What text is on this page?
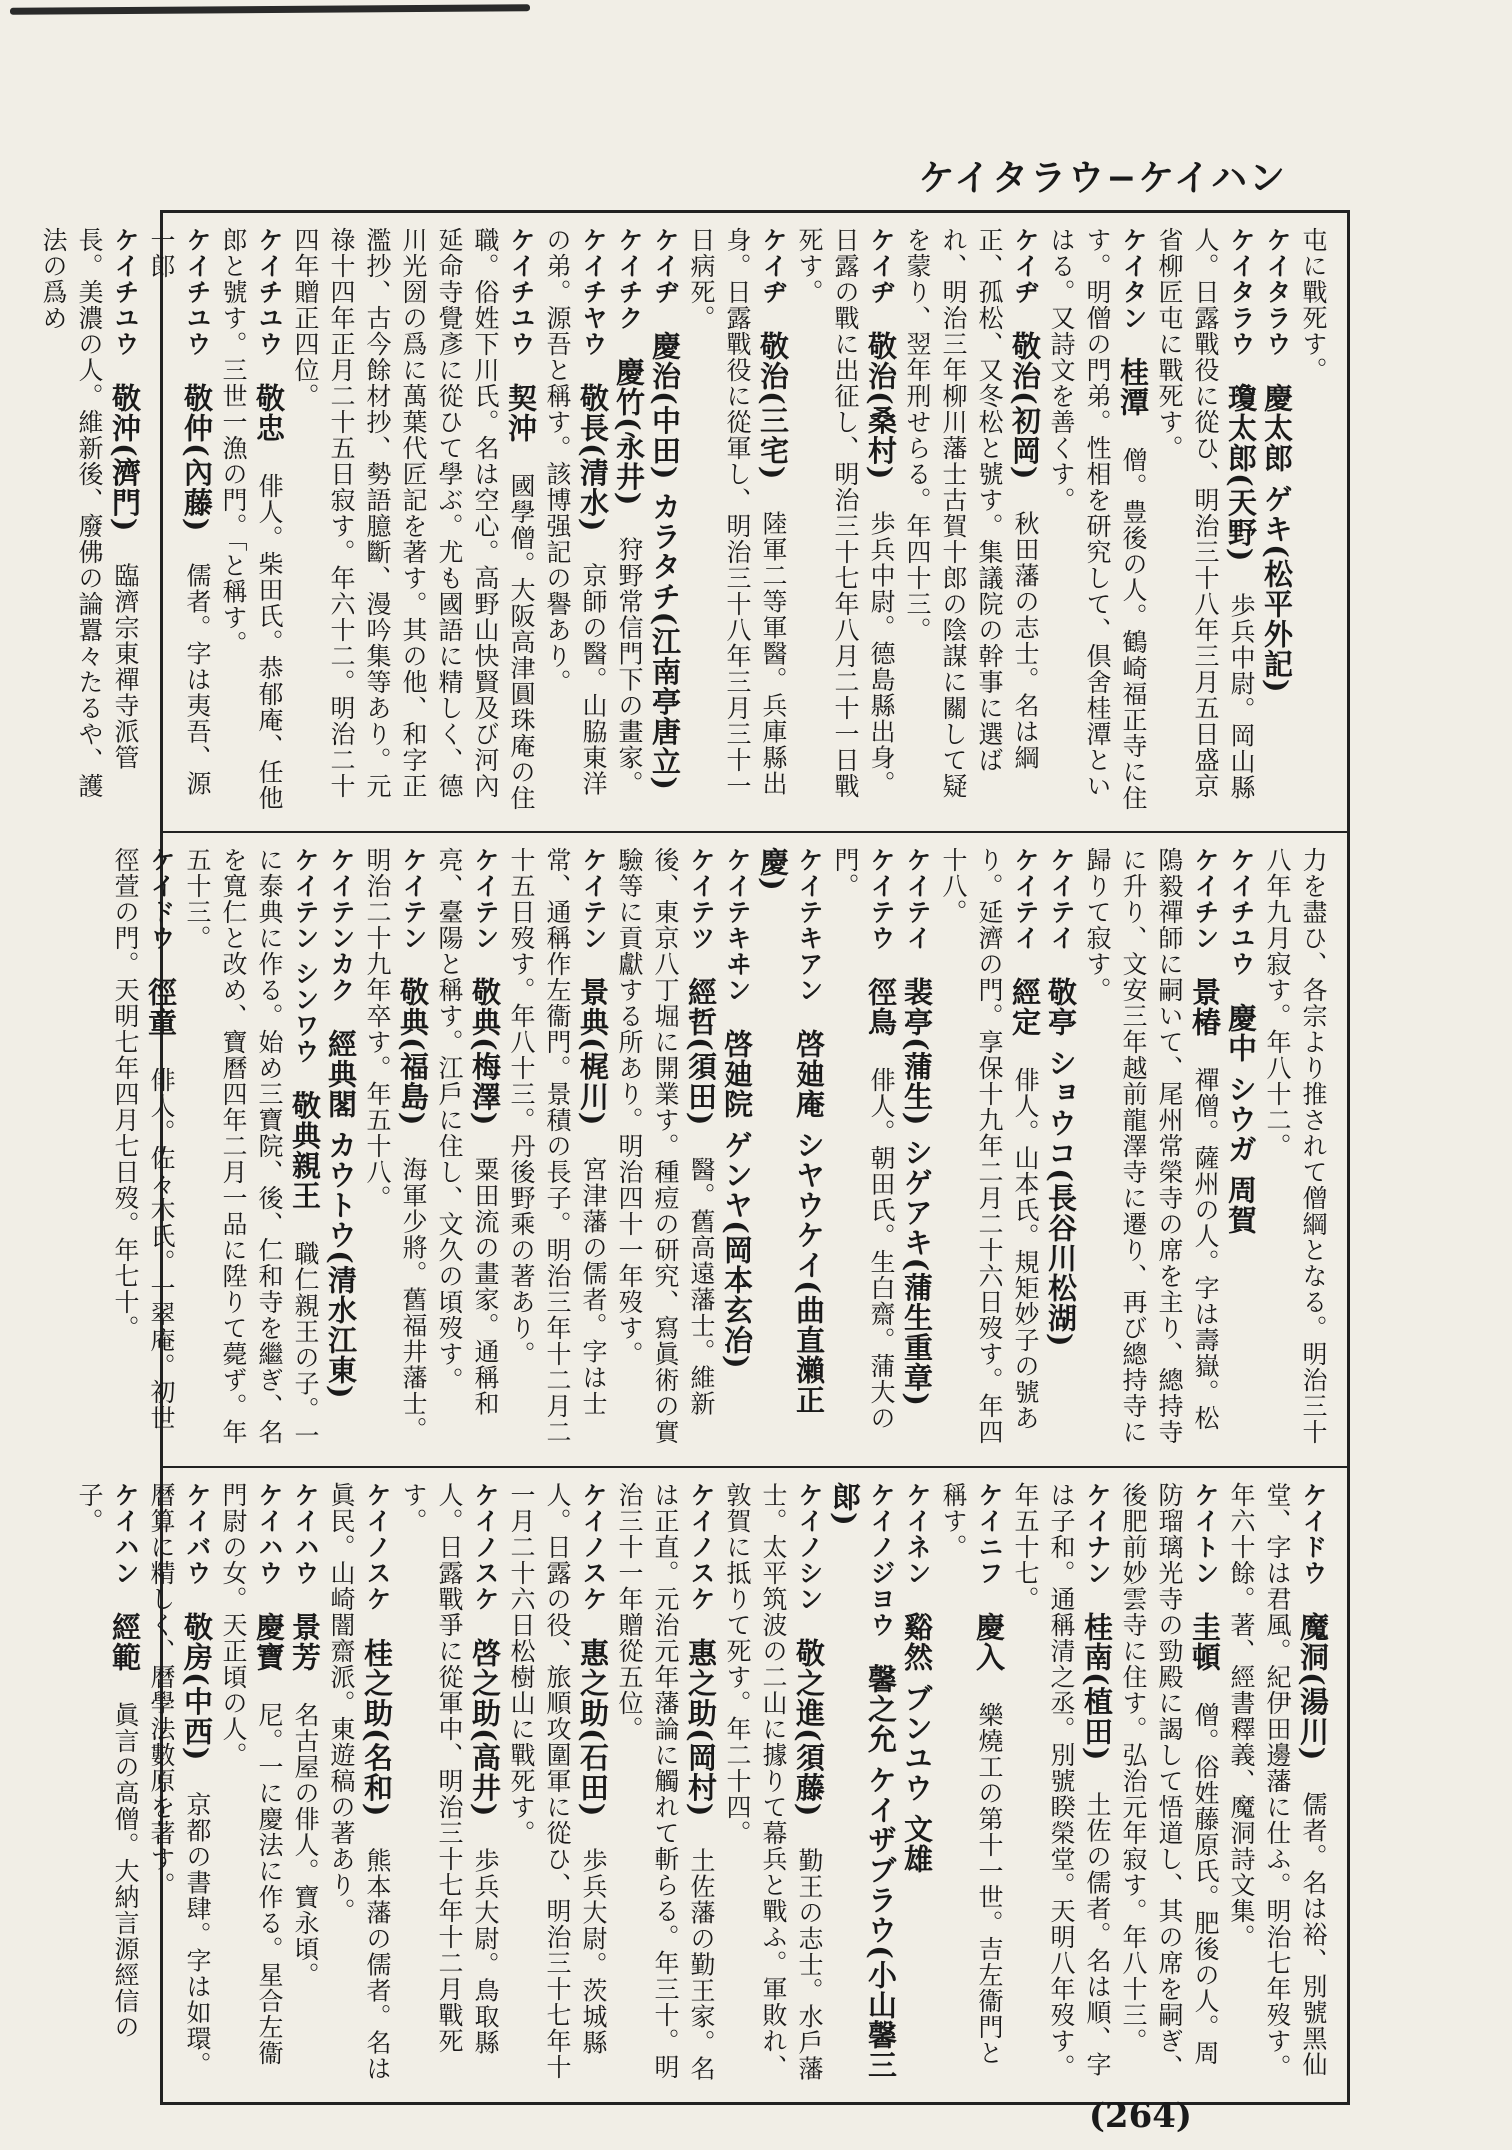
ケイタラウ−ケイハン

屯に戰死す。

ケイタラウ　慶太郎 ゲキ(松平外記)　

ケイタラウ　瓊太郎(天野)　歩兵中尉。岡山縣人。日露戰役に從ひ、明治三十八年三月五日盛京省柳匠屯に戰死す。

ケイタン　桂潭　僧。豊後の人。鶴崎福正寺に住す。明僧の門弟。性相を研究して、倶舍桂潭といはる。又詩文を善くす。

ケイヂ　敬治(初岡)　秋田藩の志士。名は綱正、孤松、又冬松と號す。集議院の幹事に選ばれ、明治三年柳川藩士古賀十郎の陰謀に關して疑を蒙り、翌年刑せらる。年四十三。

ケイヂ　敬治(桑村)　歩兵中尉。德島縣出身。日露の戰に出征し、明治三十七年八月二十一日戰死す。

ケイヂ　敬治(三宅)　陸軍二等軍醫。兵庫縣出身。日露戰役に從軍し、明治三十八年三月三十一日病死。

ケイヂ　慶治(中田) カラタチ(江南亭唐立)　

ケイチク　慶竹(永井)　狩野常信門下の畫家。

ケイチヤウ　敬長(清水)　京師の醫。山脇東洋の弟。源吾と稱す。該博强記の譽あり。

ケイチユウ　契沖　國學僧。大阪高津圓珠庵の住職。俗姓下川氏。名は空心。高野山快賢及び河內延命寺覺彥に從ひて學ぶ。尤も國語に精しく、德川光圀の爲に萬葉代匠記を著す。其の他、和字正濫抄、古今餘材抄、勢語臆斷、漫吟集等あり。元祿十四年正月二十五日寂す。年六十二。明治二十四年贈正四位。

ケイチユウ　敬忠　俳人。柴田氏。恭郁庵、任他郎と號す。三世一漁の門。「と稱す。

ケイチユウ　敬仲(內藤)　儒者。字は夷吾、源一郎

ケイチユウ　敬沖(濟門)　臨濟宗東禪寺派管長。美濃の人。維新後、廢佛の論囂々たるや、護法の爲め

力を盡ひ、各宗より推されて僧綱となる。明治三十八年九月寂す。年八十二。

ケイチユウ　慶中 シウガ 周賀　

ケイチン　景椿　禪僧。薩州の人。字は壽嶽。松隝毅禪師に嗣いて、尾州常榮寺の席を主り、總持寺に升り、文安三年越前龍澤寺に遷り、再び總持寺に歸りて寂す。

ケイテイ　敬亭 ショウコ(長谷川松湖)　

ケイテイ　經定　俳人。山本氏。規矩妙子の號あり。延濟の門。享保十九年二月二十六日歿す。年四十八。

ケイテイ　裴亭(蒲生) シゲアキ(蒲生重章)　

ケイテウ　徑鳥　俳人。朝田氏。生白齋。蒲大の門。

ケイテキアン　啓廸庵 シヤウケイ(曲直瀨正慶)　

ケイテキヰン　啓廸院 ゲンヤ(岡本玄冶)　

ケイテツ　經哲(須田)　醫。舊高遠藩士。維新後、東京八丁堀に開業す。種痘の研究、寫眞術の實驗等に貢獻する所あり。明治四十一年歿す。

ケイテン　景典(梶川)　宮津藩の儒者。字は士常、通稱作左衞門。景積の長子。明治三年十二月二十五日歿す。年八十三。丹後野乘の著あり。

ケイテン　敬典(梅澤)　粟田流の畫家。通稱和亮、臺陽と稱す。江戶に住し、文久の頃歿す。

ケイテン　敬典(福島)　海軍少將。舊福井藩士。明治二十九年卒す。年五十八。

ケイテンカク　經典閣 カウトウ(清水江東)　

ケイテン シンワウ　敬典親王　職仁親王の子。一に泰典に作る。始め三寶院、後、仁和寺を繼ぎ、名を寬仁と改め、寶曆四年二月一品に陞りて薨ず。年五十三。

ケイドウ　徑童　俳人。佐々木氏。一翠庵。初世徑萱の門。天明七年四月七日歿。年七十。

ケイドウ　魔洞(湯川)　儒者。名は裕、別號黑仙堂、字は君風。紀伊田邊藩に仕ふ。明治七年歿す。年六十餘。著、經書釋義、魔洞詩文集。

ケイトン　圭頓　僧。俗姓藤原氏。肥後の人。周防瑠璃光寺の勁殿に謁して悟道し、其の席を嗣ぎ、後肥前妙雲寺に住す。弘治元年寂す。年八十三。

ケイナン　桂南(植田)　土佐の儒者。名は順、字は子和。通稱清之丞。別號睽榮堂。天明八年歿す。年五十七。

ケイニフ　慶入　樂燒工の第十一世。吉左衞門と稱す。

ケイネン　谿然 ブンユウ 文雄　

ケイノジヨウ　馨之允 ケイザブラウ(小山馨三郞)　

ケイノシン　敬之進(須藤)　勤王の志士。水戶藩士。太平筑波の二山に據りて幕兵と戰ふ。軍敗れ、敦賀に抵りて死す。年二十四。

ケイノスケ　惠之助(岡村)　土佐藩の勤王家。名は正直。元治元年藩論に觸れて斬らる。年三十。明治三十一年贈從五位。

ケイノスケ　惠之助(石田)　歩兵大尉。茨城縣人。日露の役、旅順攻圍軍に從ひ、明治三十七年十一月二十六日松樹山に戰死す。

ケイノスケ　啓之助(高井)　歩兵大尉。鳥取縣人。日露戰爭に從軍中、明治三十七年十二月戰死す。

ケイノスケ　桂之助(名和)　熊本藩の儒者。名は眞民。山崎闇齋派。東遊稿の著あり。

ケイハウ　景芳　名古屋の俳人。寶永頃。

ケイハウ　慶寶　尼。一に慶法に作る。星合左衞門尉の女。天正頃の人。

ケイバウ　敬房(中西)　京都の書肆。字は如環。曆算に精しく、曆學法數原を著す。

ケイハン　經範　眞言の高僧。大納言源經信の子。

(264)
